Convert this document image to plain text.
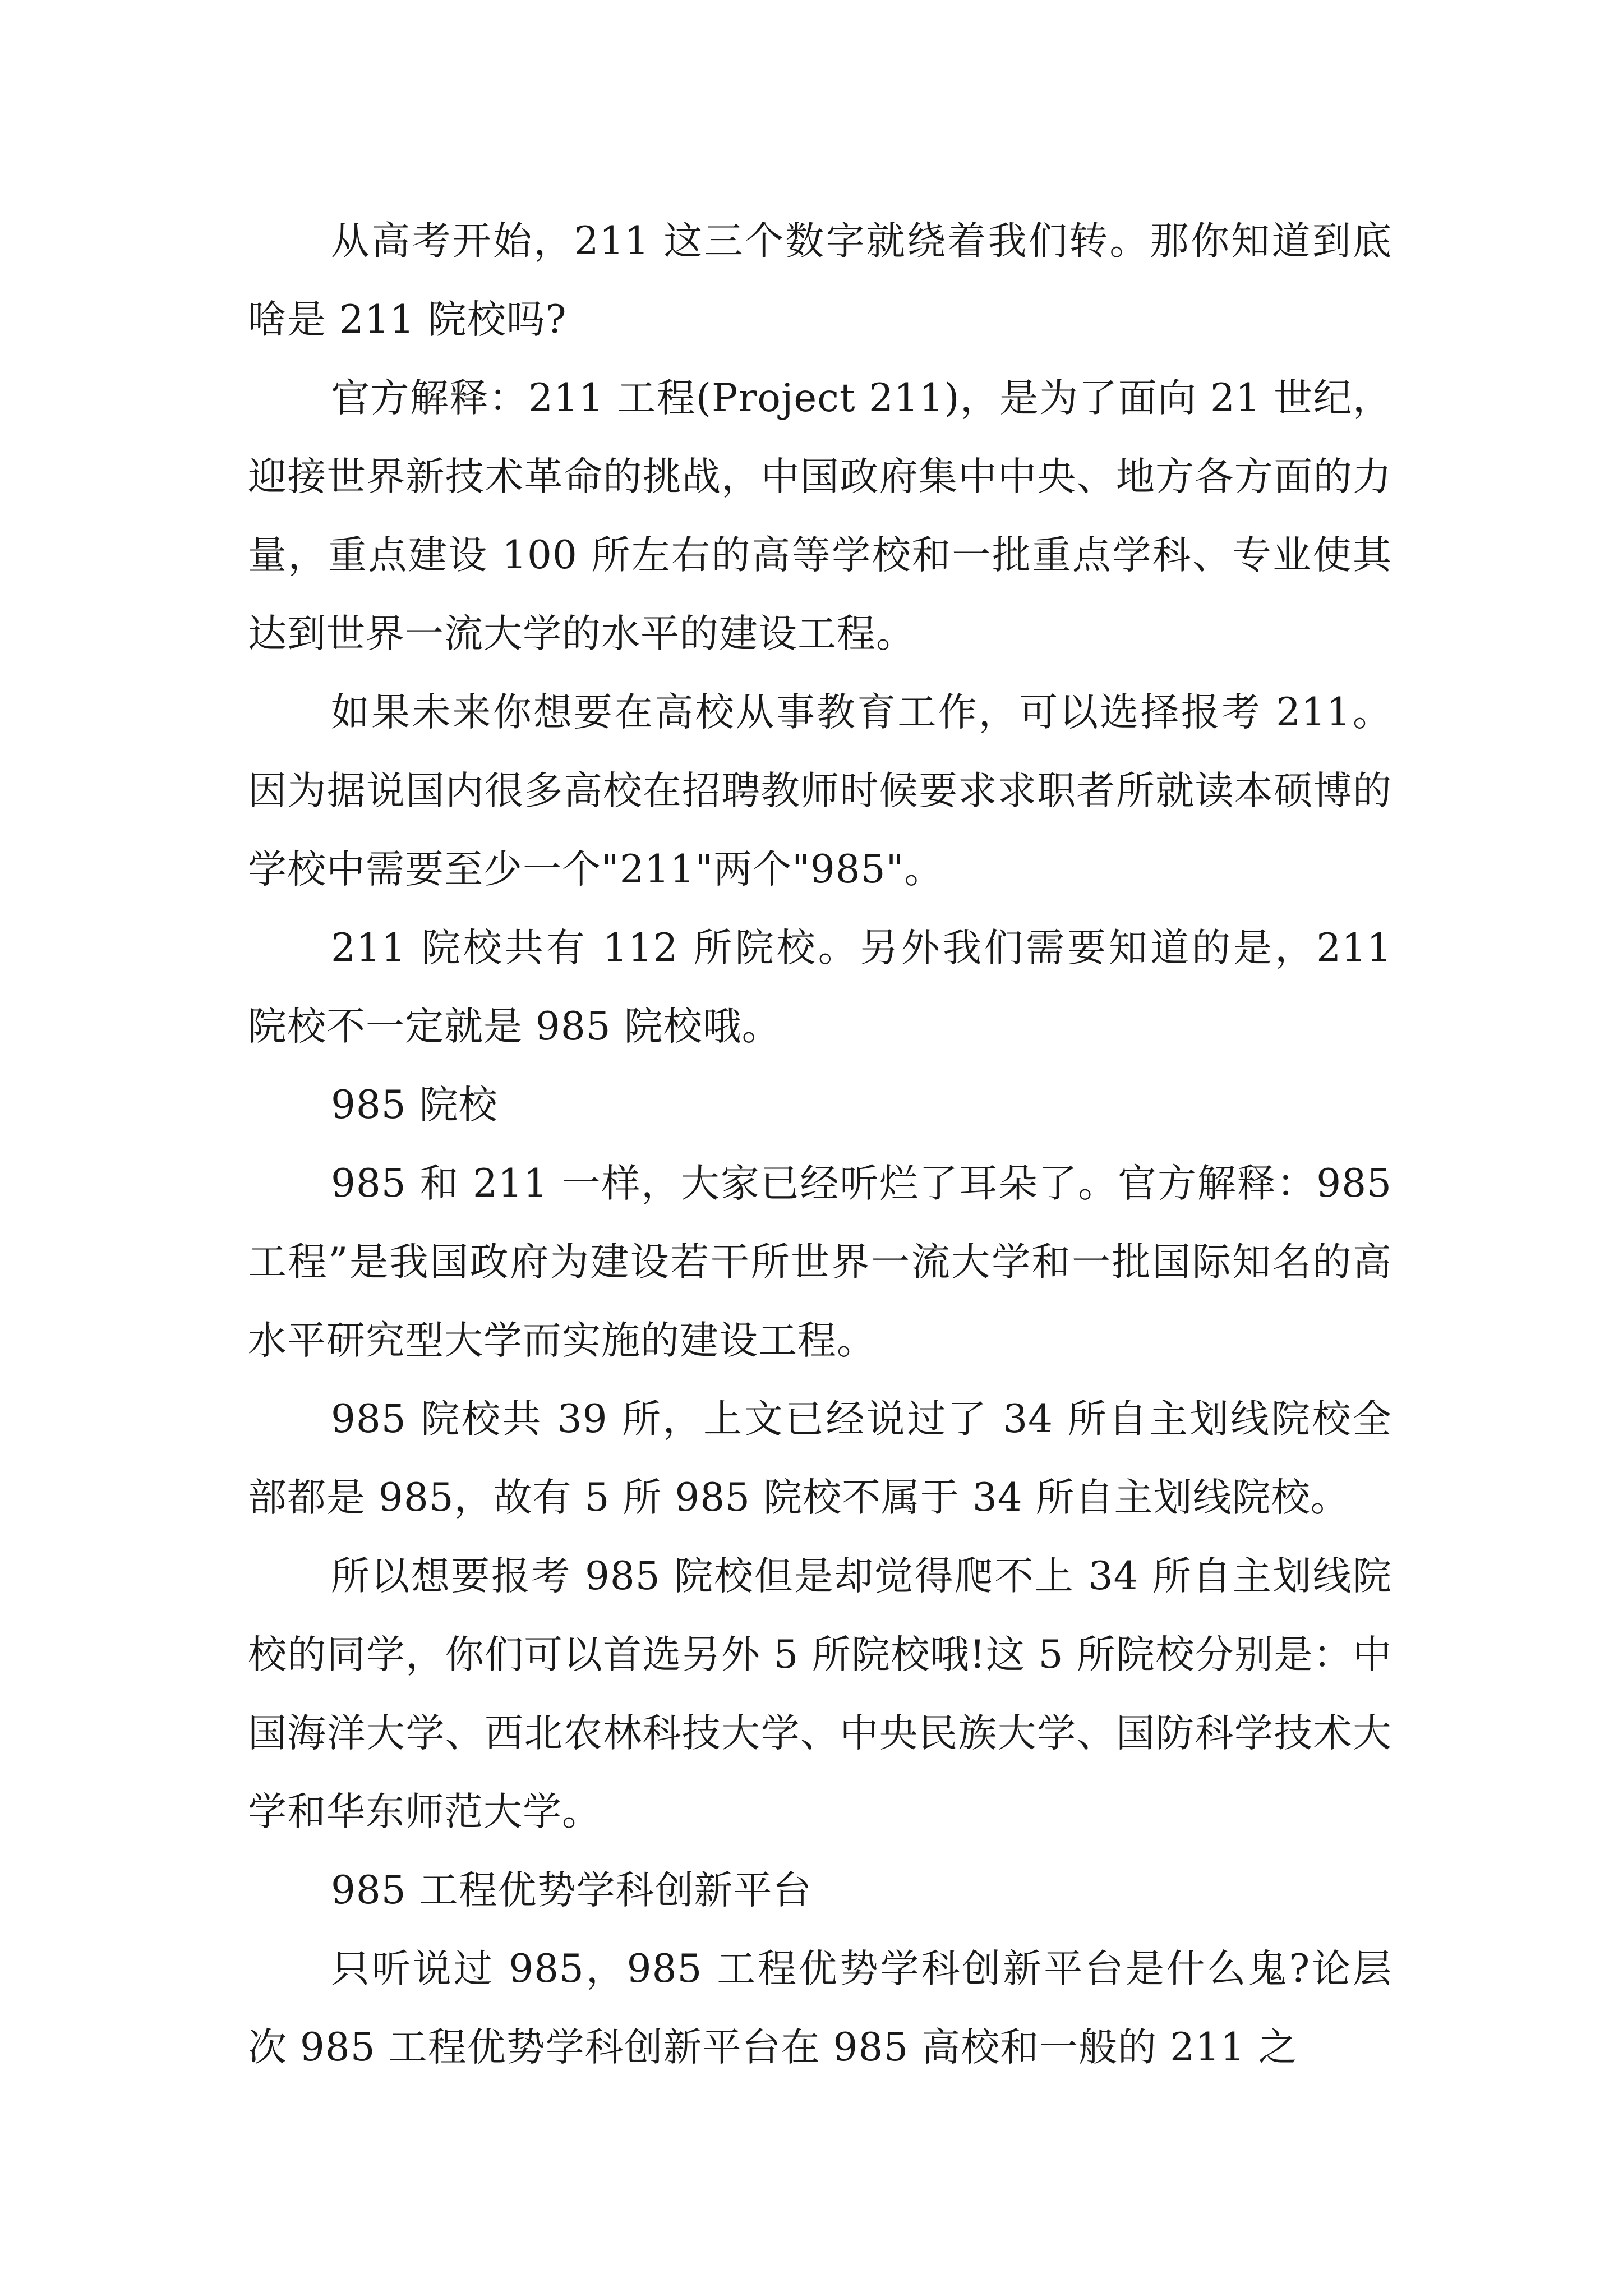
从高考开始，211 这三个数字就绕着我们转。那你知道到底啥是 211 院校吗?

官方解释：211 工程(Project 211)，是为了面向 21 世纪，迎接世界新技术革命的挑战，中国政府集中中央、地方各方面的力量，重点建设 100 所左右的高等学校和一批重点学科、专业使其达到世界一流大学的水平的建设工程。

如果未来你想要在高校从事教育工作，可以选择报考 211。因为据说国内很多高校在招聘教师时候要求求职者所就读本硕博的学校中需要至少一个"211"两个"985"。

211 院校共有 112 所院校。另外我们需要知道的是，211 院校不一定就是 985 院校哦。

985 院校

985 和 211 一样，大家已经听烂了耳朵了。官方解释：985 工程”是我国政府为建设若干所世界一流大学和一批国际知名的高水平研究型大学而实施的建设工程。

985 院校共 39 所，上文已经说过了 34 所自主划线院校全部都是 985，故有 5 所 985 院校不属于 34 所自主划线院校。

所以想要报考 985 院校但是却觉得爬不上 34 所自主划线院校的同学，你们可以首选另外 5 所院校哦!这 5 所院校分别是：中国海洋大学、西北农林科技大学、中央民族大学、国防科学技术大学和华东师范大学。

985 工程优势学科创新平台

只听说过 985，985 工程优势学科创新平台是什么鬼?论层次 985 工程优势学科创新平台在 985 高校和一般的 211 之
